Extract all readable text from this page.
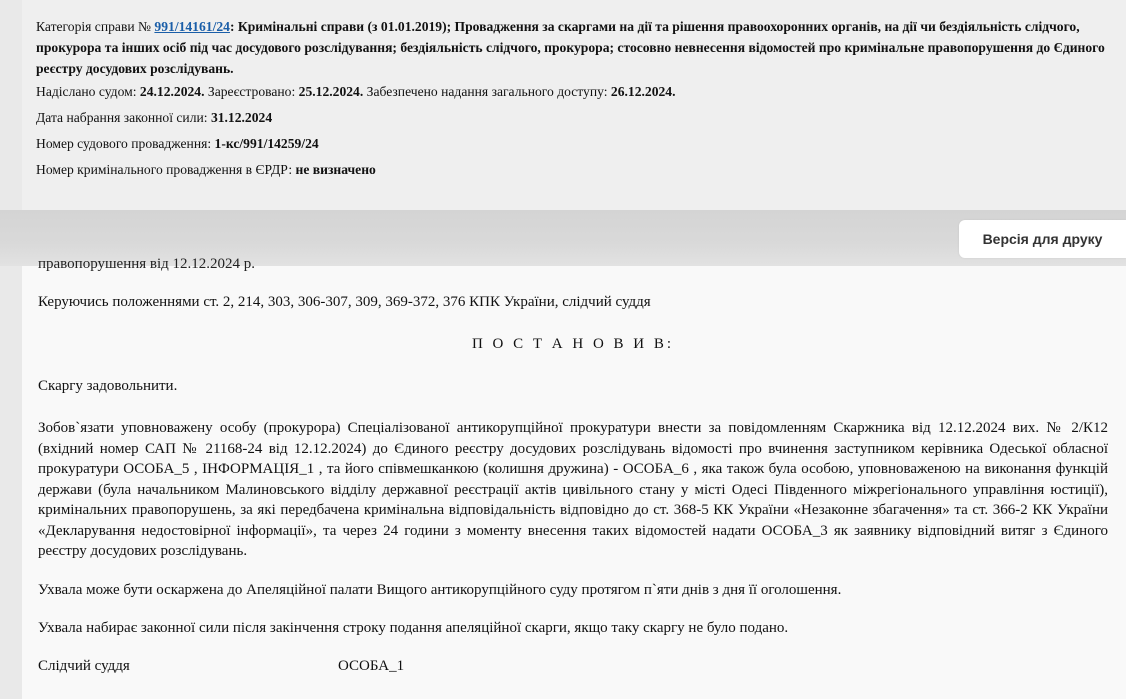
Категорія справи № 991/14161/24: Кримінальні справи (з 01.01.2019); Провадження за скаргами на дії та рішення правоохоронних органів, на дії чи бездіяльність слідчого, прокурора та інших осіб під час досудового розслідування; бездіяльність слідчого, прокурора; стосовно невнесення відомостей про кримінальне правопорушення до Єдиного реєстру досудових розслідувань.
Надіслано судом: 24.12.2024. Зареєстровано: 25.12.2024. Забезпечено надання загального доступу: 26.12.2024.
Дата набрання законної сили: 31.12.2024
Номер судового провадження: 1-кс/991/14259/24
Номер кримінального провадження в ЄРДР: не визначено
Версія для друку
правопорушення від 12.12.2024 р.

Керуючись положеннями ст. 2, 214, 303, 306-307, 309, 369-372, 376 КПК України, слідчий суддя

П О С Т А Н О В И В:

Скаргу задовольнити.

Зобов`язати уповноважену особу (прокурора) Спеціалізованої антикорупційної прокуратури внести за повідомленням Скаржника від 12.12.2024 вих. № 2/К12 (вхідний номер САП № 21168-24 від 12.12.2024) до Єдиного реєстру досудових розслідувань відомості про вчинення заступником керівника Одеської обласної прокуратури ОСОБА_5 , ІНФОРМАЦІЯ_1 , та його співмешканкою (колишня дружина) - ОСОБА_6 , яка також була особою, уповноваженою на виконання функцій держави (була начальником Малиновського відділу державної реєстрації актів цивільного стану у місті Одесі Південного міжрегіонального управління юстиції), кримінальних правопорушень, за які передбачена кримінальна відповідальність відповідно до ст. 368-5 КК України «Незаконне збагачення» та ст. 366-2 КК України «Декларування недостовірної інформації», та через 24 години з моменту внесення таких відомостей надати ОСОБА_3 як заявнику відповідний витяг з Єдиного реєстру досудових розслідувань.

Ухвала може бути оскаржена до Апеляційної палати Вищого антикорупційного суду протягом п`яти днів з дня її оголошення.

Ухвала набирає законної сили після закінчення строку подання апеляційної скарги, якщо таку скаргу не було подано.

Слідчий суддя	ОСОБА_1
